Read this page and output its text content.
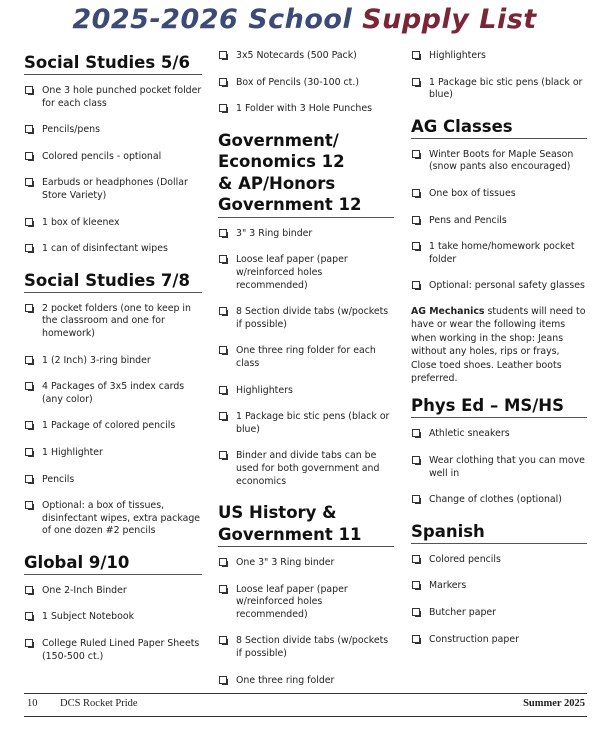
2025-2026 School Supply List
Social Studies 5/6
One 3 hole punched pocket folder for each class
Pencils/pens
Colored pencils - optional
Earbuds or headphones (Dollar Store Variety)
1 box of kleenex
1 can of disinfectant wipes
Social Studies 7/8
2 pocket folders (one to keep in the classroom and one for homework)
1 (2 Inch) 3-ring binder
4 Packages of 3x5 index cards (any color)
1 Package of colored pencils
1 Highlighter
Pencils
Optional: a box of tissues, disinfectant wipes, extra package of one dozen #2 pencils
Global 9/10
One 2-Inch Binder
1 Subject Notebook
College Ruled Lined Paper Sheets (150-500 ct.)
3x5 Notecards (500 Pack)
Box of Pencils (30-100 ct.)
1 Folder with 3 Hole Punches
Government/
Economics 12
& AP/Honors
Government 12
3" 3 Ring binder
Loose leaf paper (paper w/reinforced holes recommended)
8 Section divide tabs (w/pockets if possible)
One three ring folder for each class
Highlighters
1 Package bic stic pens (black or blue)
Binder and divide tabs can be used for both government and economics
US History &
Government 11
One 3" 3 Ring binder
Loose leaf paper (paper w/reinforced holes recommended)
8 Section divide tabs (w/pockets if possible)
One three ring folder
Highlighters
1 Package bic stic pens (black or blue)
AG Classes
Winter Boots for Maple Season (snow pants also encouraged)
One box of tissues
Pens and Pencils
1 take home/homework pocket folder
Optional: personal safety glasses

AG Mechanics students will need to have or wear the following items when working in the shop: Jeans without any holes, rips or frays, Close toed shoes. Leather boots preferred.

Phys Ed – MS/HS
Athletic sneakers
Wear clothing that you can move well in
Change of clothes (optional)
Spanish
Colored pencils
Markers
Butcher paper
Construction paper
10 DCS Rocket Pride	Summer 2025
